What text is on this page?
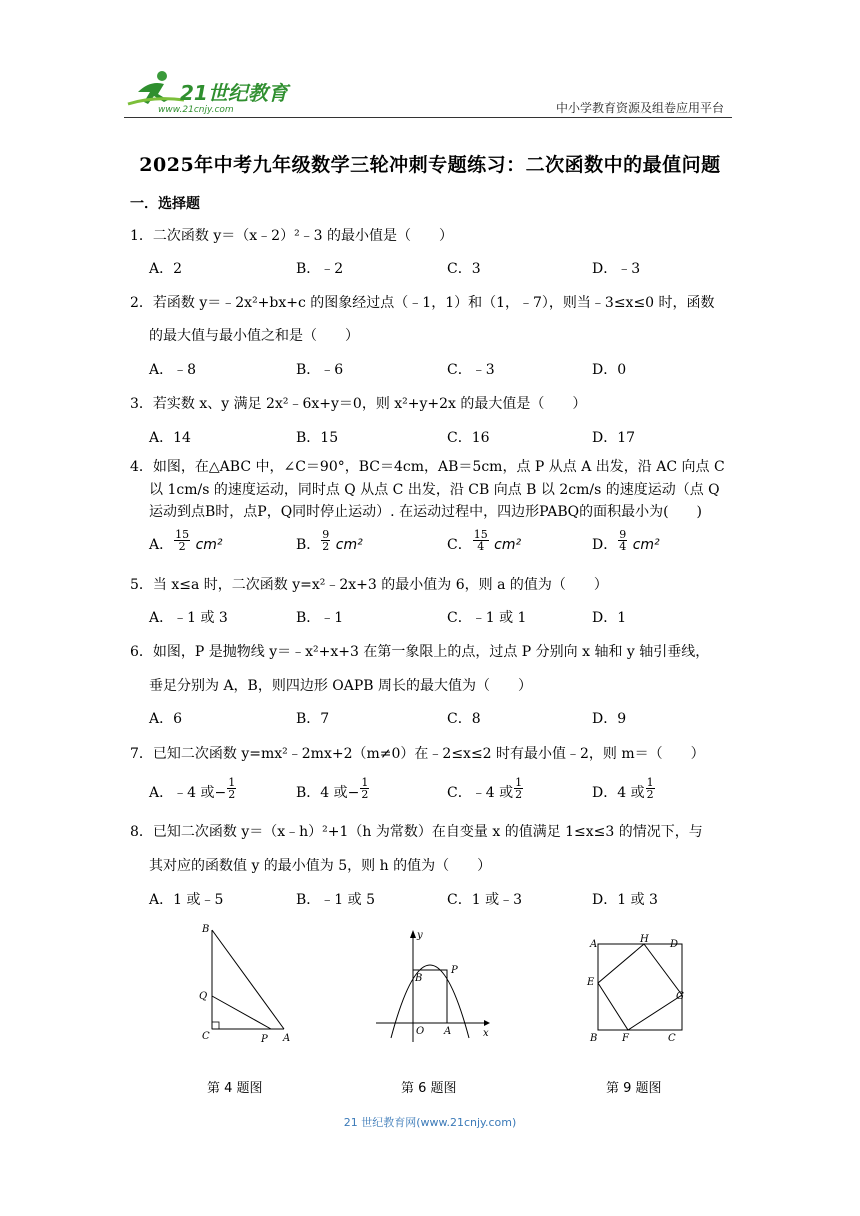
21世纪教育
www.21cnjy.com	中小学教育资源及组卷应用平台
2025年中考九年级数学三轮冲刺专题练习：二次函数中的最值问题
一．选择题
1．二次函数 y＝（x﹣2）²﹣3 的最小值是（　　）
A．2	B．﹣2	C．3	D．﹣3
2．若函数 y＝﹣2x²+bx+c 的图象经过点（﹣1，1）和（1，﹣7），则当﹣3≤x≤0 时，函数
的最大值与最小值之和是（　　）
A．﹣8	B．﹣6	C．﹣3	D．0
3．若实数 x、y 满足 2x²﹣6x+y＝0，则 x²+y+2x 的最大值是（　　）
A．14	B．15	C．16	D．17
4．如图，在△ABC 中，∠C＝90°，BC＝4cm，AB＝5cm，点 P 从点 A 出发，沿 AC 向点 C
以 1cm/s 的速度运动，同时点 Q 从点 C 出发，沿 CB 向点 B 以 2cm/s 的速度运动（点 Q
运动到点B时，点P，Q同时停止运动）. 在运动过程中，四边形PABQ的面积最小为(　　)
A． $\frac{15}{2} cm^2$	B． $\frac{9}{2} cm^2$	C． $\frac{15}{4} cm^2$	D． $\frac{9}{4} cm^2$
5．当 x≤a 时，二次函数 y=x²﹣2x+3 的最小值为 6，则 a 的值为（　　）
A．﹣1 或 3	B．﹣1	C．﹣1 或 1	D．1
6．如图，P 是抛物线 y＝﹣x²+x+3 在第一象限上的点，过点 P 分别向 x 轴和 y 轴引垂线，
垂足分别为 A，B，则四边形 OAPB 周长的最大值为（　　）
A．6	B．7	C．8	D．9
7．已知二次函数 y=mx²﹣2mx+2（m≠0）在﹣2≤x≤2 时有最小值﹣2，则 m＝（　　）
A．﹣4 或− $\frac{1}{2}$	B．4 或− $\frac{1}{2}$	C．﹣4 或 $\frac{1}{2}$	D．4 或 $\frac{1}{2}$
8．已知二次函数 y＝（x﹣h）²+1（h 为常数）在自变量 x 的值满足 1≤x≤3 的情况下，与
其对应的函数值 y 的最小值为 5，则 h 的值为（　　）
A．1 或﹣5	B．﹣1 或 5	C．1 或﹣3	D．1 或 3
B
Q
C	P A
第 4 题图
y
x
O A
B
P
第 6 题图
A	H D
E
G
B F	C
第 9 题图
21 世纪教育网(www.21cnjy.com)
